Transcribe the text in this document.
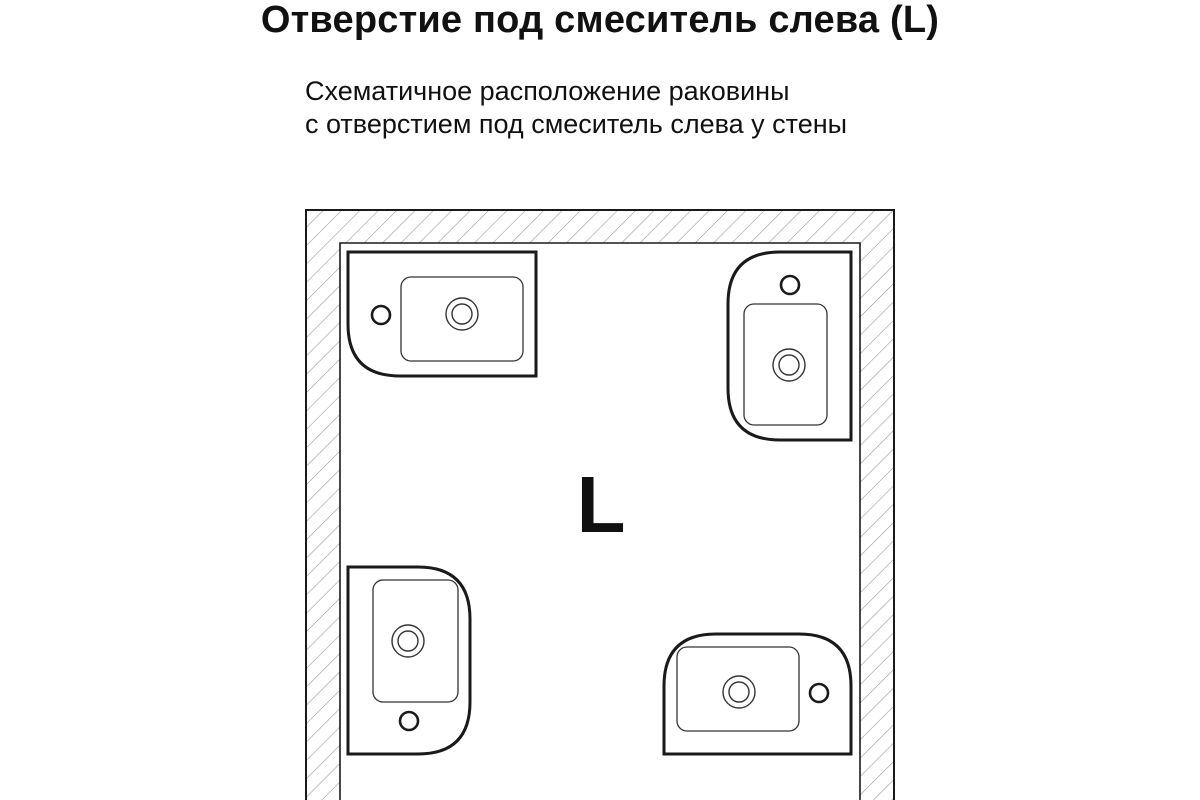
Отверстие под смеситель слева (L)

Схематичное расположение раковины
с отверстием под смеситель слева у стены

L
